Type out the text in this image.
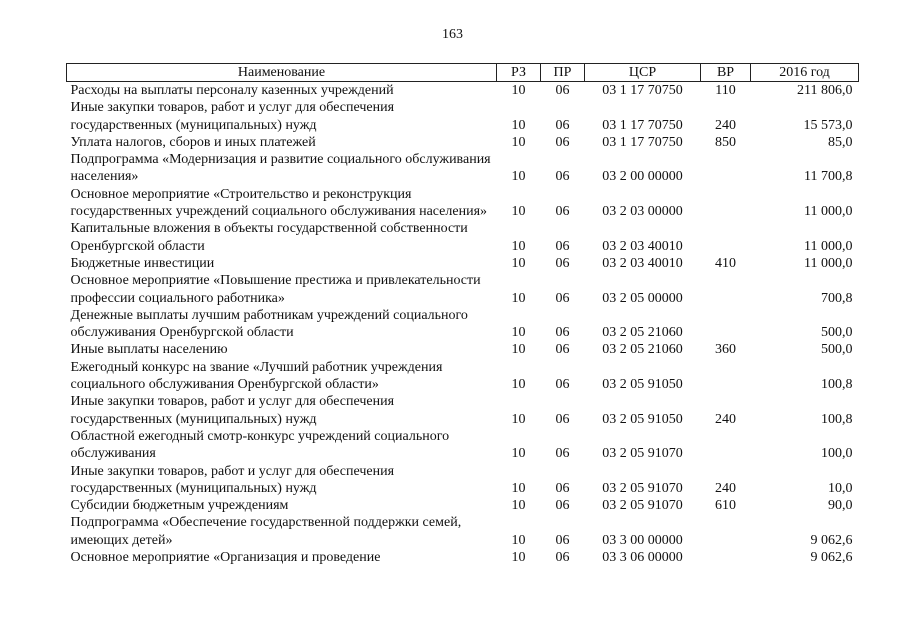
163
Наименование	РЗ	ПР	ЦСР	ВР	2016 год
Расходы на выплаты персоналу казенных учреждений	10	06	03 1 17 70750	110	211 806,0
Иные закупки товаров, работ и услуг для обеспечения государственных (муниципальных) нужд	10	06	03 1 17 70750	240	15 573,0
Уплата налогов, сборов и иных платежей	10	06	03 1 17 70750	850	85,0
Подпрограмма «Модернизация и развитие социального обслуживания населения»	10	06	03 2 00 00000		11 700,8
Основное мероприятие «Строительство и реконструкция государственных учреждений социального обслуживания населения»	10	06	03 2 03 00000		11 000,0
Капитальные вложения в объекты государственной собственности Оренбургской области	10	06	03 2 03 40010		11 000,0
Бюджетные инвестиции	10	06	03 2 03 40010	410	11 000,0
Основное мероприятие «Повышение престижа и привлекательности профессии социального работника»	10	06	03 2 05 00000		700,8
Денежные выплаты лучшим работникам учреждений социального обслуживания Оренбургской области	10	06	03 2 05 21060		500,0
Иные выплаты населению	10	06	03 2 05 21060	360	500,0
Ежегодный конкурс на звание «Лучший работник учреждения социального обслуживания Оренбургской области»	10	06	03 2 05 91050		100,8
Иные закупки товаров, работ и услуг для обеспечения государственных (муниципальных) нужд	10	06	03 2 05 91050	240	100,8
Областной ежегодный смотр-конкурс учреждений социального обслуживания	10	06	03 2 05 91070		100,0
Иные закупки товаров, работ и услуг для обеспечения государственных (муниципальных) нужд	10	06	03 2 05 91070	240	10,0
Субсидии бюджетным учреждениям	10	06	03 2 05 91070	610	90,0
Подпрограмма «Обеспечение государственной поддержки семей, имеющих детей»	10	06	03 3 00 00000		9 062,6
Основное мероприятие «Организация и проведение	10	06	03 3 06 00000		9 062,6
